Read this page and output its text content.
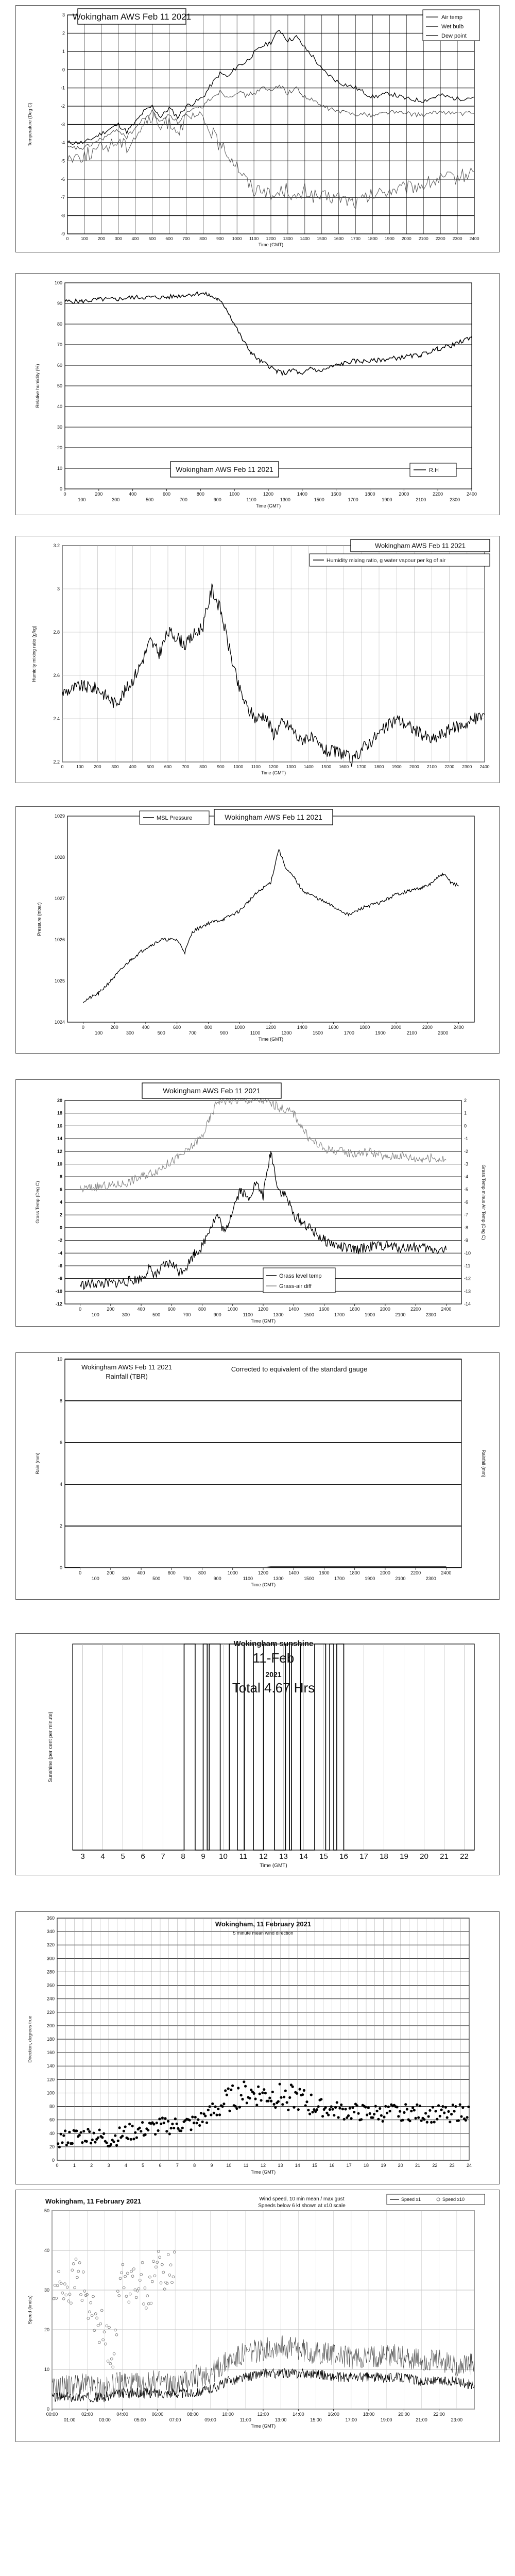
-9
-8
-7
-6
-5
-4
-3
-2
-1
0
1
2
3
0	100 200 300 400 500 600 700 800 900 1000 1100 1200 1300 1400 1500 1600 1700 1800 1900 2000 2100 2200 2300 2400
Time (GMT)
Temperature (Deg C)
Wokingham AWS Feb 11 2021	Air temp
Wet bulb
Dew point
0
10
20
30
40
50
60
70
80
90
100
0	200	400	600	800	1000	1200	1400	1600	1800	2000	2200	2400
100	300	500	700	900	1100	1300	1500	1700	1900	2100	2300
Time (GMT)
Relative humidity (%)
Wokingham AWS Feb 11 2021	R.H
2.2
2.4
2.6
2.8
3
3.2
0	100 200 300 400 500 600 700 800 900 1000 1100 1200 1300 1400 1500 1600 1700 1800 1900 2000 2100 2200 2300 2400
Time (GMT)
Humidity mixing ratio (g/kg)
Wokingham AWS Feb 11 2021
Humidity mixing ratio, g water vapour per kg of air
1024
1025
1026
1027
1028
1029
0	200	400	600	800	1000	1200	1400	1600	1800	2000	2200	2400
100	300	500	700	900	1100	1300	1500	1700	1900	2100	2300
Time (GMT)
Pressure (mbar)
MSL Pressure	Wokingham AWS Feb 11 2021
-12
-10
-8
-6
-4
-2
0
2
4
6
8
10
12
14
16
18
20
-14
-13
-12
-11
-10
-9
-8
-7
-6
-5
-4
-3
-2
-1
0
1
2
0	200	400	600	800	1000	1200	1400	1600	1800	2000	2200	2400
100	300	500	700	900	1100	1300	1500	1700	1900	2100	2300
Time (GMT)
Grass Temp (Deg C)	Grass Temp minus Air Temp (Deg C)
Wokingham AWS Feb 11 2021
Grass level temp
Grass-air diff
0
2
4
6
8
10
0	200	400	600	800	1000	1200	1400	1600	1800	2000	2200	2400
100	300	500	700	900	1100	1300	1500	1700	1900	2100	2300
Time (GMT)
Rain (mm)	Rainfall (mm)
Wokingham AWS Feb 11 2021
Rainfall (TBR)
Corrected to equivalent of the standard gauge
3 4 5 6 7 8 9 10 11 12 13 14 15 16 17 18 19 20 21 22
Time (GMT)
Sunshine (per cent per minute)
Wokingham sunshine
11-Feb
2021
Total 4.67 Hrs
0
20
40
60
80
100
120
140
160
180
200
220
240
260
280
300
320
340
360
0	1	2	3	4	5	6	7	8	9	10	11	12	13	14	15	16	17	18	19	20	21	22	23	24
Time (GMT)
Direction, degrees true
Wokingham, 11 February 2021
5 minute mean wind direction
0
10
20
30
40
50
00:00	02:00	04:00	06:00	08:00	10:00	12:00	14:00	16:00	18:00	20:00	22:00
01:00	03:00	05:00	07:00	09:00	11:00	13:00	15:00	17:00	19:00	21:00	23:00
Time (GMT)
Speed (knots)
Wokingham, 11 February 2021	Wind speed, 10 min mean / max gust
Speeds below 6 kt shown at x10 scale
Speed x1	Speed x10
